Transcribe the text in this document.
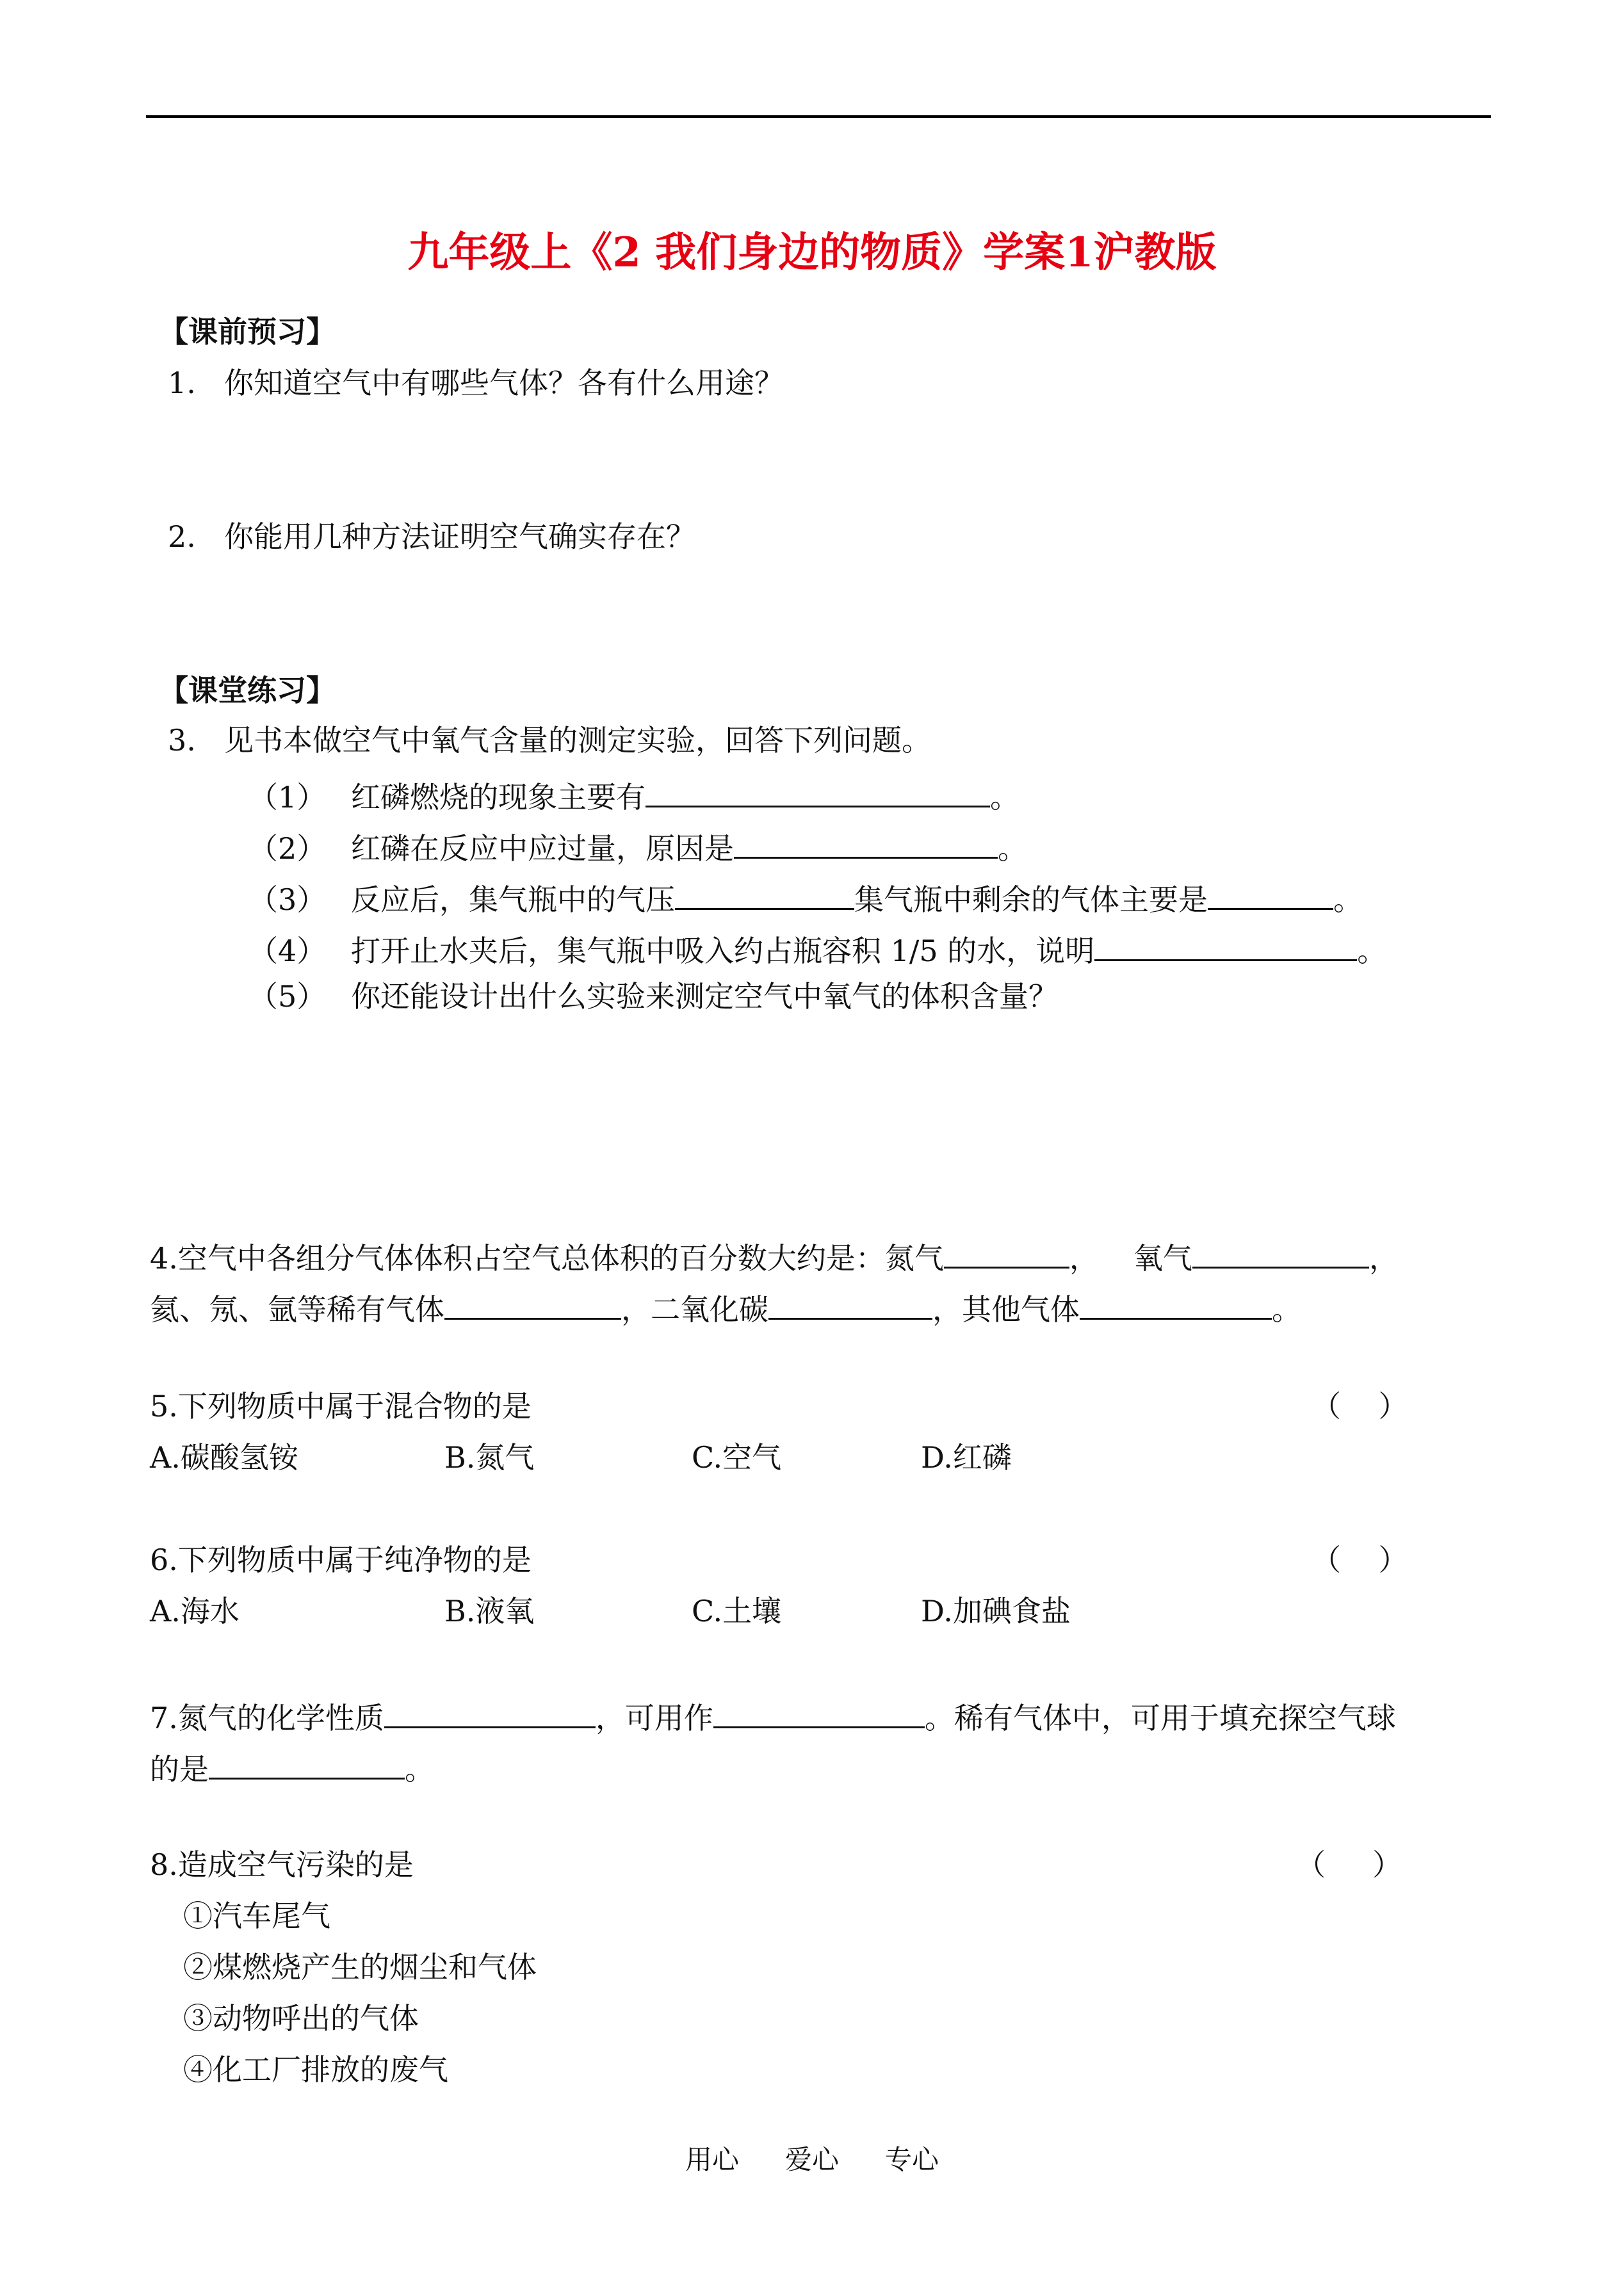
九年级上《2 我们身边的物质》学案1沪教版
【课前预习】
1. 你知道空气中有哪些气体？各有什么用途？
2. 你能用几种方法证明空气确实存在？
【课堂练习】
3. 见书本做空气中氧气含量的测定实验，回答下列问题。
（1） 红磷燃烧的现象主要有	。
（2） 红磷在反应中应过量，原因是	。
（3） 反应后，集气瓶中的气压	集气瓶中剩余的气体主要是	。
（4） 打开止水夹后，集气瓶中吸入约占瓶容积 1/5 的水，说明	。
（5） 你还能设计出什么实验来测定空气中氧气的体积含量？
4.空气中各组分气体体积占空气总体积的百分数大约是：氮气	， 氧气	，
氦、氖、氩等稀有气体	，二氧化碳	，其他气体	。
5.下列物质中属于混合物的是	（    ）
A.碳酸氢铵	B.氮气	C.空气	D.红磷
6.下列物质中属于纯净物的是	（    ）
A.海水	B.液氧	C.土壤	D.加碘食盐
7.氮气的化学性质	，可用作	。稀有气体中，可用于填充探空气球
的是	。
8.造成空气污染的是	（     ）
①汽车尾气
②煤燃烧产生的烟尘和气体
③动物呼出的气体
④化工厂排放的废气
用心 爱心 专心
